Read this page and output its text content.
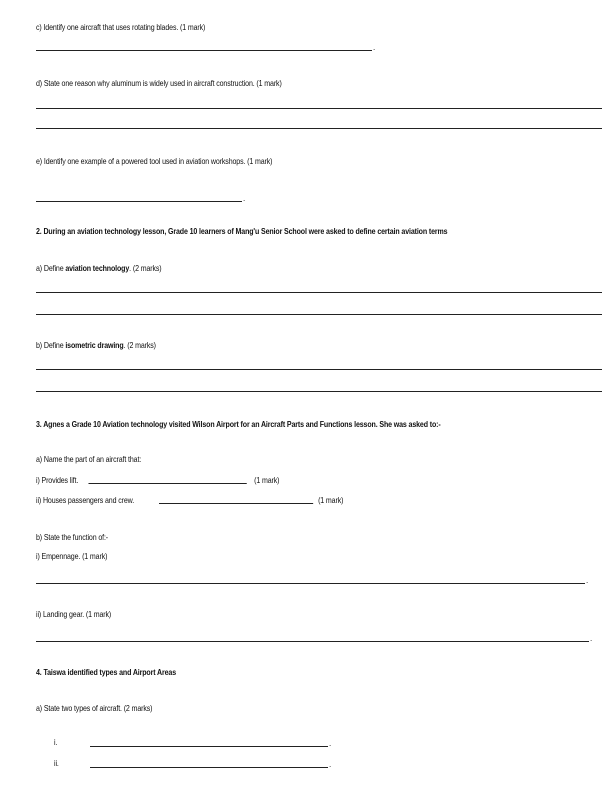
c) Identify one aircraft that uses rotating blades. (1 mark)
.
d) State one reason why aluminum is widely used in aircraft construction. (1 mark)
e) Identify one example of a powered tool used in aviation workshops. (1 mark)
.
2. During an aviation technology lesson, Grade 10 learners of Mang'u Senior School were asked to define certain aviation terms
a) Define aviation technology. (2 marks)
b) Define isometric drawing. (2 marks)
3. Agnes a Grade 10 Aviation technology visited Wilson Airport for an Aircraft Parts and Functions lesson. She was asked to:-
a) Name the part of an aircraft that:
i) Provides lift.	(1 mark)
ii) Houses passengers and crew.	(1 mark)
b) State the function of:-
i) Empennage. (1 mark)
.
ii) Landing gear. (1 mark)
.
4. Taiswa identified types and Airport Areas
a) State two types of aircraft. (2 marks)
i.	.
ii.	.
